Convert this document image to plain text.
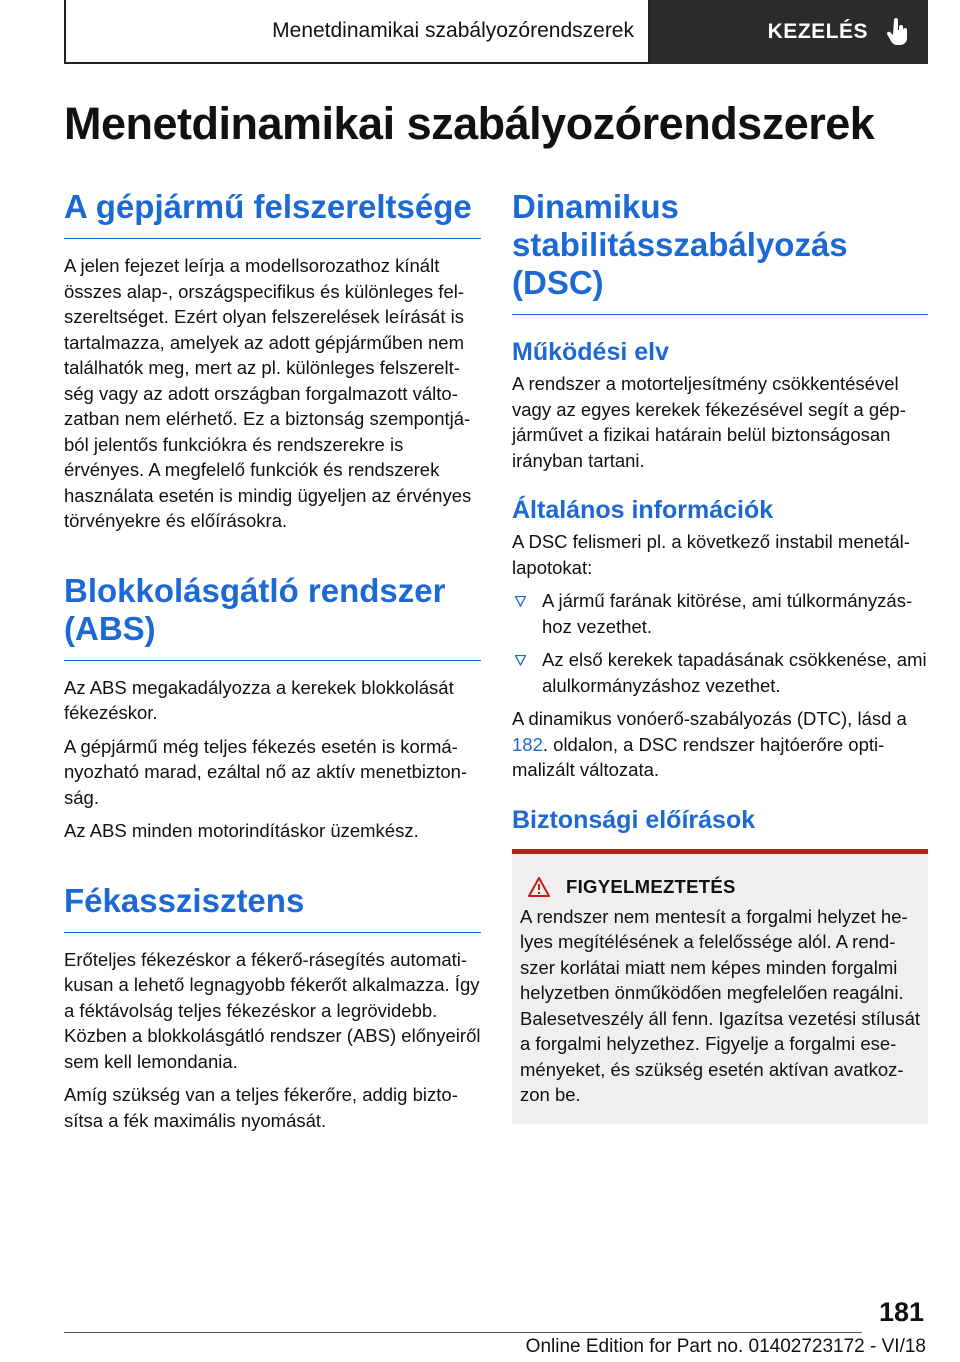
Menetdinamikai szabályozórendszerek	KEZELÉS
Menetdinamikai szabályozórendszerek
A gépjármű felszereltsége

A jelen fejezet leírja a modellsorozathoz kínált összes alap-, országspecifikus és különleges felszereltséget. Ezért olyan felszerelések leírását is tartalmazza, amelyek az adott gépjárműben nem találhatók meg, mert az pl. különleges felszereltség vagy az adott országban forgalmazott változatban nem elérhető. Ez a biztonság szempontjából jelentős funkciókra és rendszerekre is érvényes. A megfelelő funkciók és rendszerek használata esetén is mindig ügyeljen az érvényes törvényekre és előírásokra.

Blokkolásgátló rendszer (ABS)

Az ABS megakadályozza a kerekek blokkolását fékezéskor.

A gépjármű még teljes fékezés esetén is kormányozható marad, ezáltal nő az aktív menetbiztonság.

Az ABS minden motorindításkor üzemkész.

Fékasszisztens

Erőteljes fékezéskor a fékerő-rásegítés automatikusan a lehető legnagyobb fékerőt alkalmazza. Így a féktávolság teljes fékezéskor a legrövidebb. Közben a blokkolásgátló rendszer (ABS) előnyeiről sem kell lemondania.

Amíg szükség van a teljes fékerőre, addig biztosítsa a fék maximális nyomását.

Dinamikus stabilitásszabályozás (DSC)
Működési elv

A rendszer a motorteljesítmény csökkentésével vagy az egyes kerekek fékezésével segít a gépjárművet a fizikai határain belül biztonságosan irányban tartani.

Általános információk

A DSC felismeri pl. a következő instabil menetállapotokat:

A jármű farának kitörése, ami túlkormányzáshoz vezethet.
Az első kerekek tapadásának csökkenése, ami alulkormányzáshoz vezethet.

A dinamikus vonóerő-szabályozás (DTC), lásd a 182. oldalon, a DSC rendszer hajtóerőre optimalizált változata.

Biztonsági előírások
FIGYELMEZTETÉS

A rendszer nem mentesít a forgalmi helyzet helyes megítélésének a felelőssége alól. A rendszer korlátai miatt nem képes minden forgalmi helyzetben önműködően megfelelően reagálni. Balesetveszély áll fenn. Igazítsa vezetési stílusát a forgalmi helyzethez. Figyelje a forgalmi eseményeket, és szükség esetén aktívan avatkozzon be.

181
Online Edition for Part no. 01402723172 - VI/18
